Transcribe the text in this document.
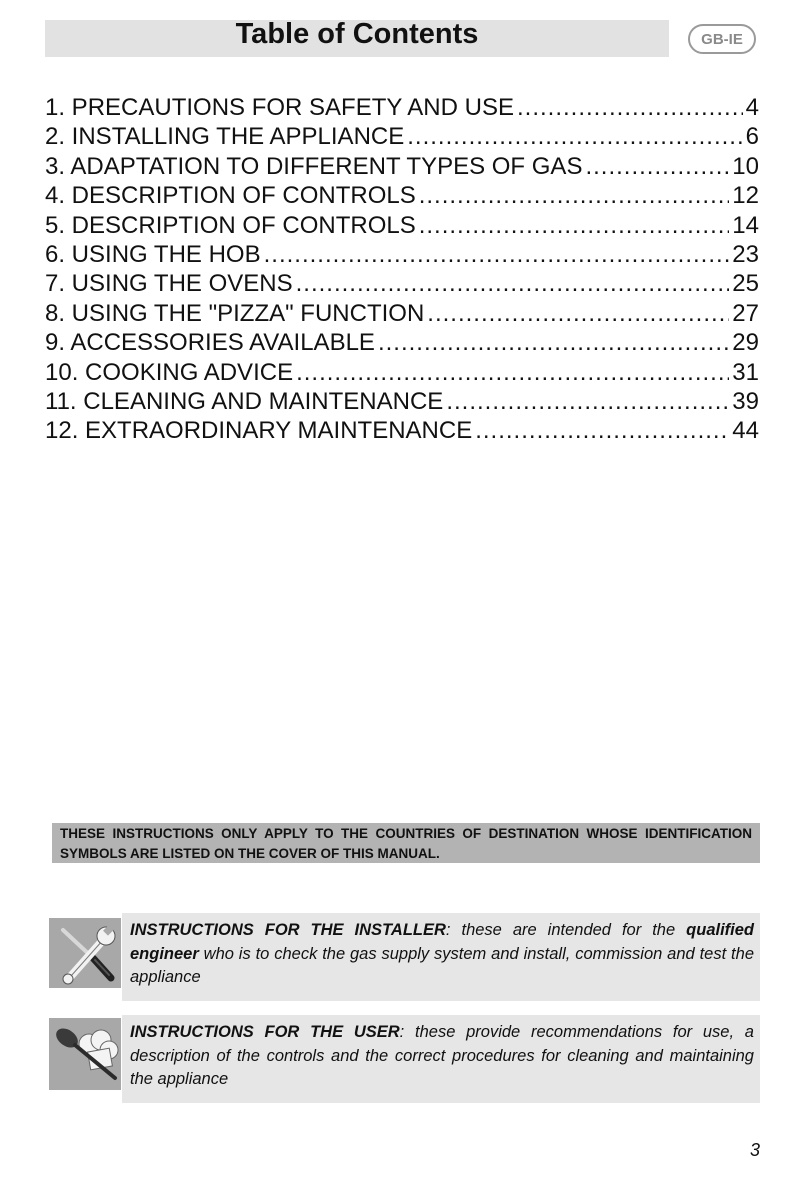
Table of Contents	GB-IE
1. PRECAUTIONS FOR SAFETY AND USE .....	4
2. INSTALLING THE APPLIANCE .....	6
3. ADAPTATION TO DIFFERENT TYPES OF GAS .....	10
4. DESCRIPTION OF CONTROLS .....	12
5. DESCRIPTION OF CONTROLS .....	14
6. USING THE HOB .....	23
7. USING THE OVENS .....	25
8. USING THE "PIZZA" FUNCTION .....	27
9. ACCESSORIES AVAILABLE .....	29
10. COOKING ADVICE .....	31
11. CLEANING AND MAINTENANCE .....	39
12. EXTRAORDINARY MAINTENANCE .....	44
THESE INSTRUCTIONS ONLY APPLY TO THE COUNTRIES OF DESTINATION WHOSE IDENTIFICATION SYMBOLS ARE LISTED ON THE COVER OF THIS MANUAL.
INSTRUCTIONS FOR THE INSTALLER: these are intended for the qualified engineer who is to check the gas supply system and install, commission and test the appliance
INSTRUCTIONS FOR THE USER: these provide recommendations for use, a description of the controls and the correct procedures for cleaning and maintaining the appliance
3
